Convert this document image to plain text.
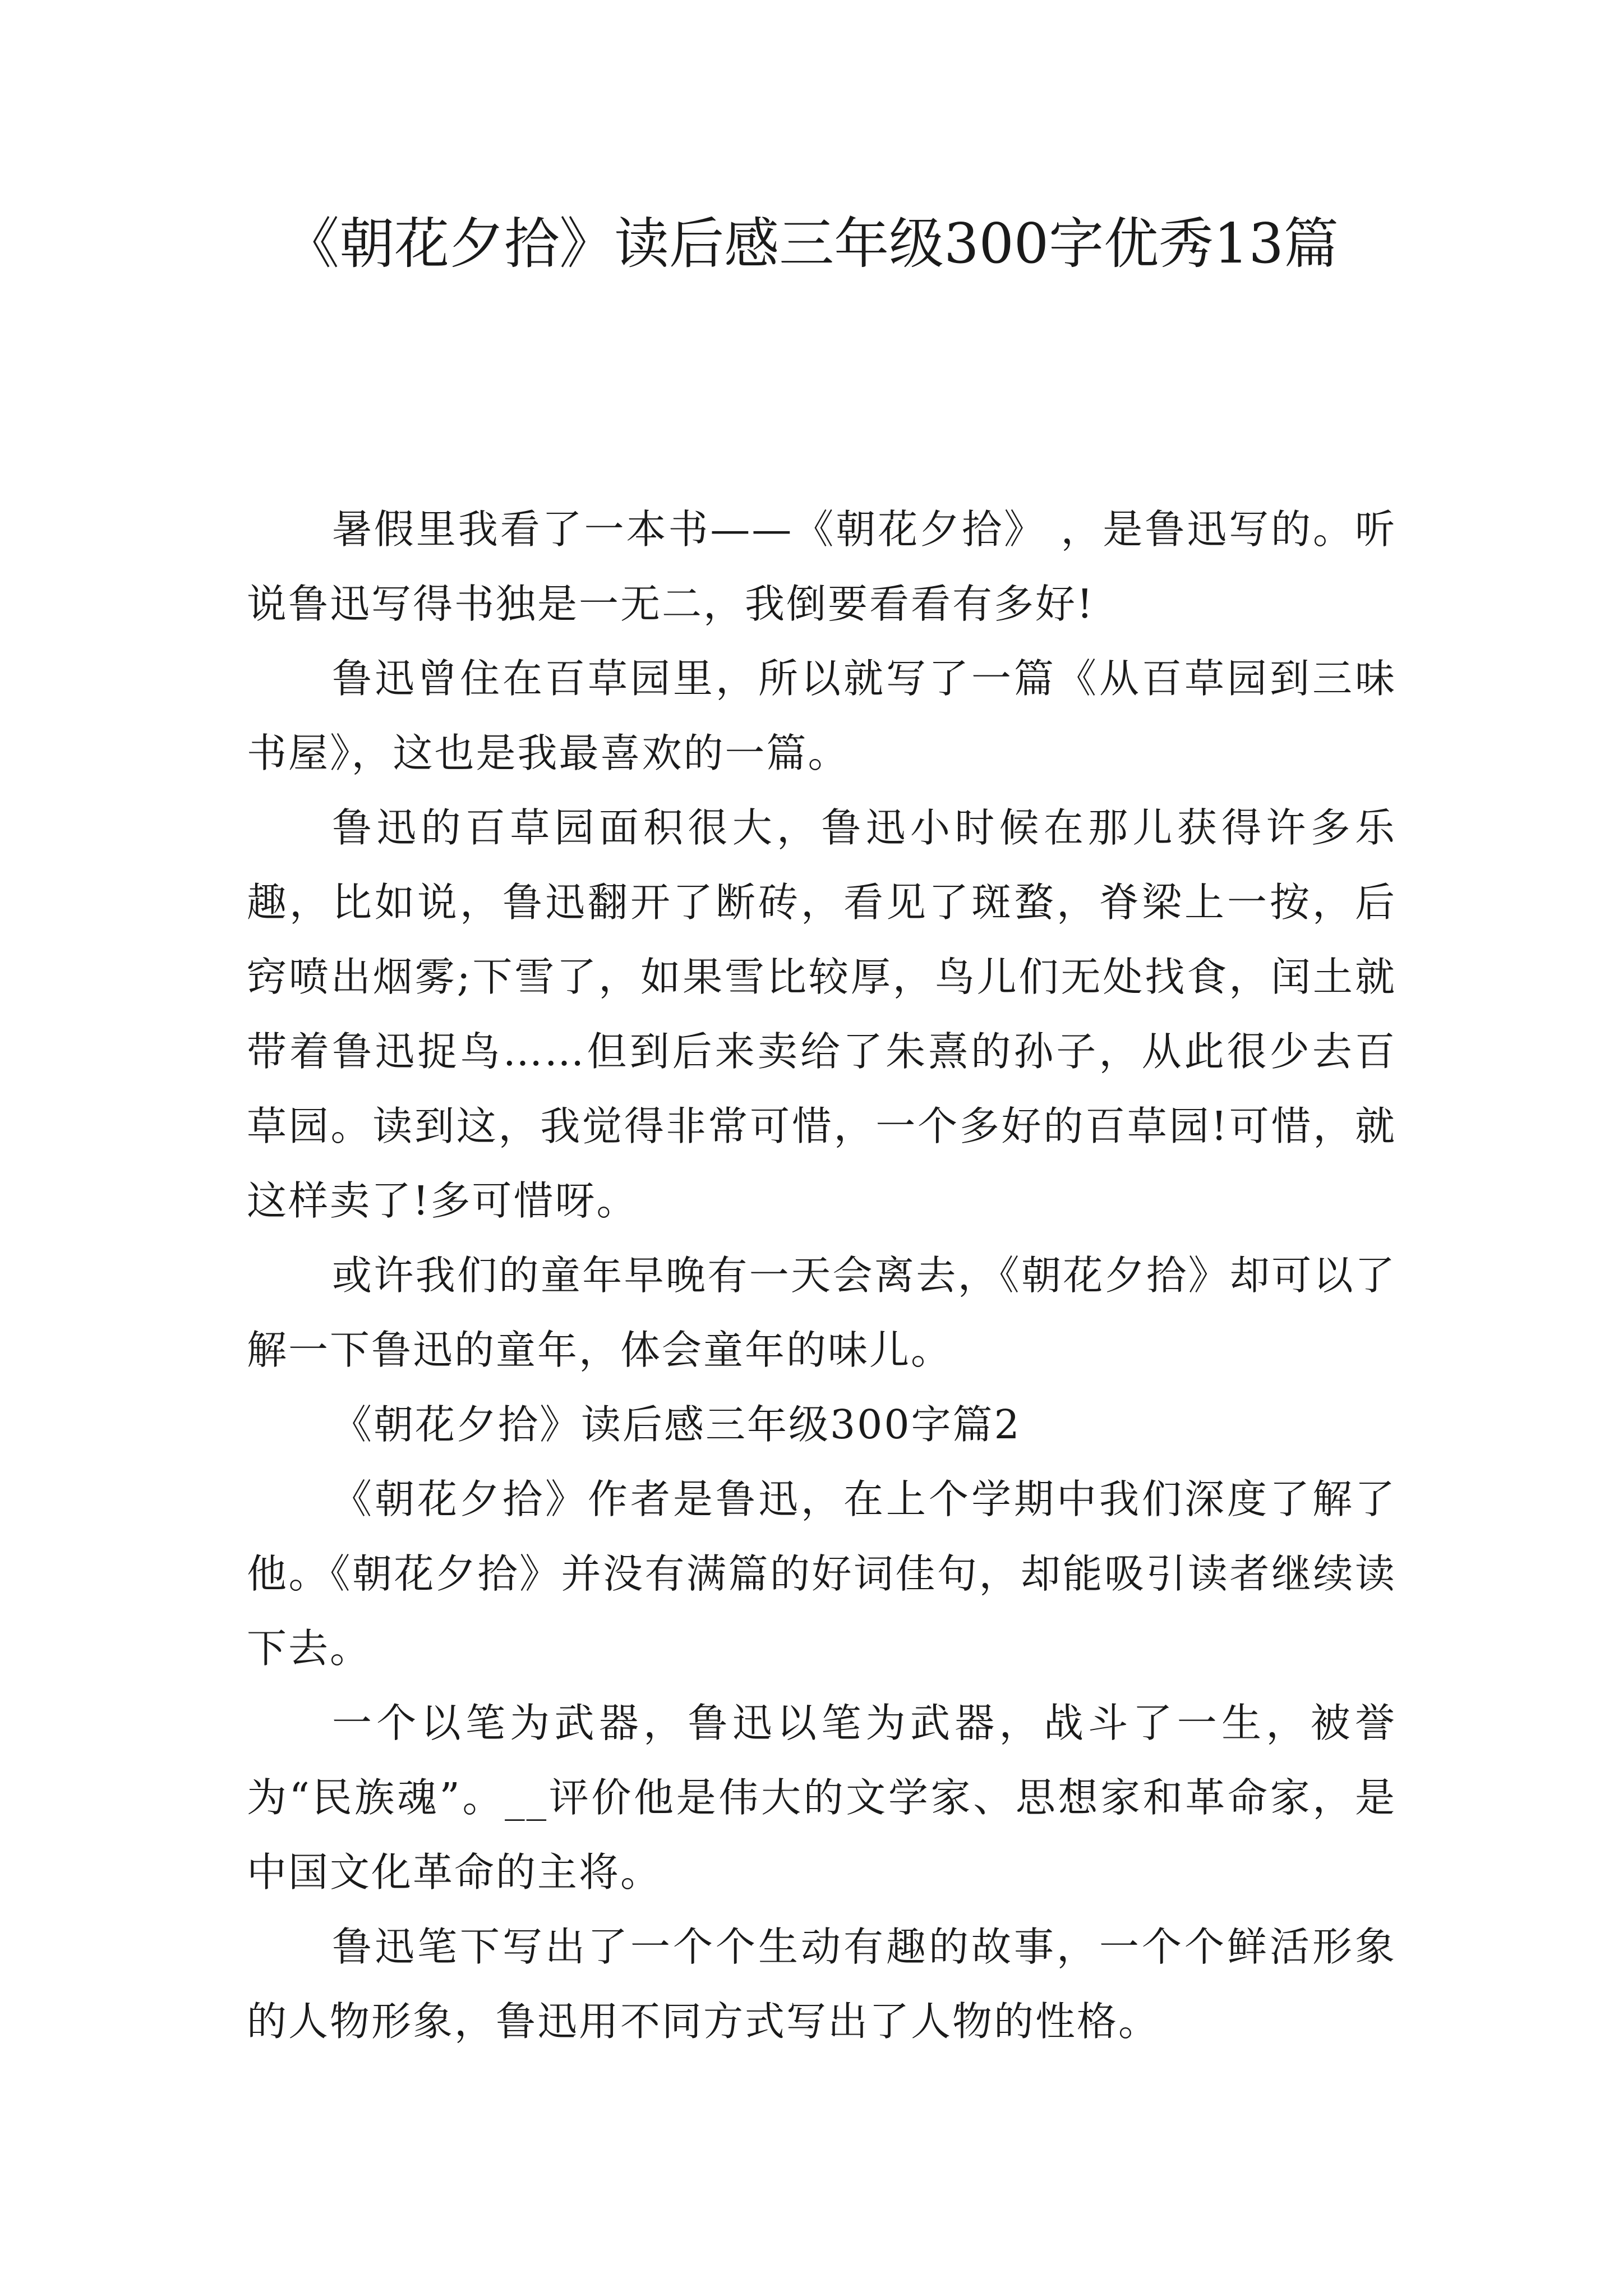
《朝花夕拾》读后感三年级300字优秀13篇

暑假里我看了一本书——《朝花夕拾》 ，是鲁迅写的。听说鲁迅写得书独是一无二，我倒要看看有多好!

鲁迅曾住在百草园里，所以就写了一篇《从百草园到三味书屋》，这也是我最喜欢的一篇。

鲁迅的百草园面积很大，鲁迅小时候在那儿获得许多乐趣，比如说，鲁迅翻开了断砖，看见了斑蝥，脊梁上一按，后窍喷出烟雾;下雪了，如果雪比较厚，鸟儿们无处找食，闰土就带着鲁迅捉鸟……但到后来卖给了朱熹的孙子，从此很少去百草园。读到这，我觉得非常可惜，一个多好的百草园!可惜，就这样卖了!多可惜呀。

或许我们的童年早晚有一天会离去，《朝花夕拾》却可以了解一下鲁迅的童年，体会童年的味儿。

《朝花夕拾》读后感三年级300字篇2

《朝花夕拾》作者是鲁迅，在上个学期中我们深度了解了他。《朝花夕拾》并没有满篇的好词佳句，却能吸引读者继续读下去。

一个以笔为武器，鲁迅以笔为武器，战斗了一生，被誉为“民族魂”。__评价他是伟大的文学家、思想家和革命家，是中国文化革命的主将。

鲁迅笔下写出了一个个生动有趣的故事，一个个鲜活形象的人物形象，鲁迅用不同方式写出了人物的性格。
